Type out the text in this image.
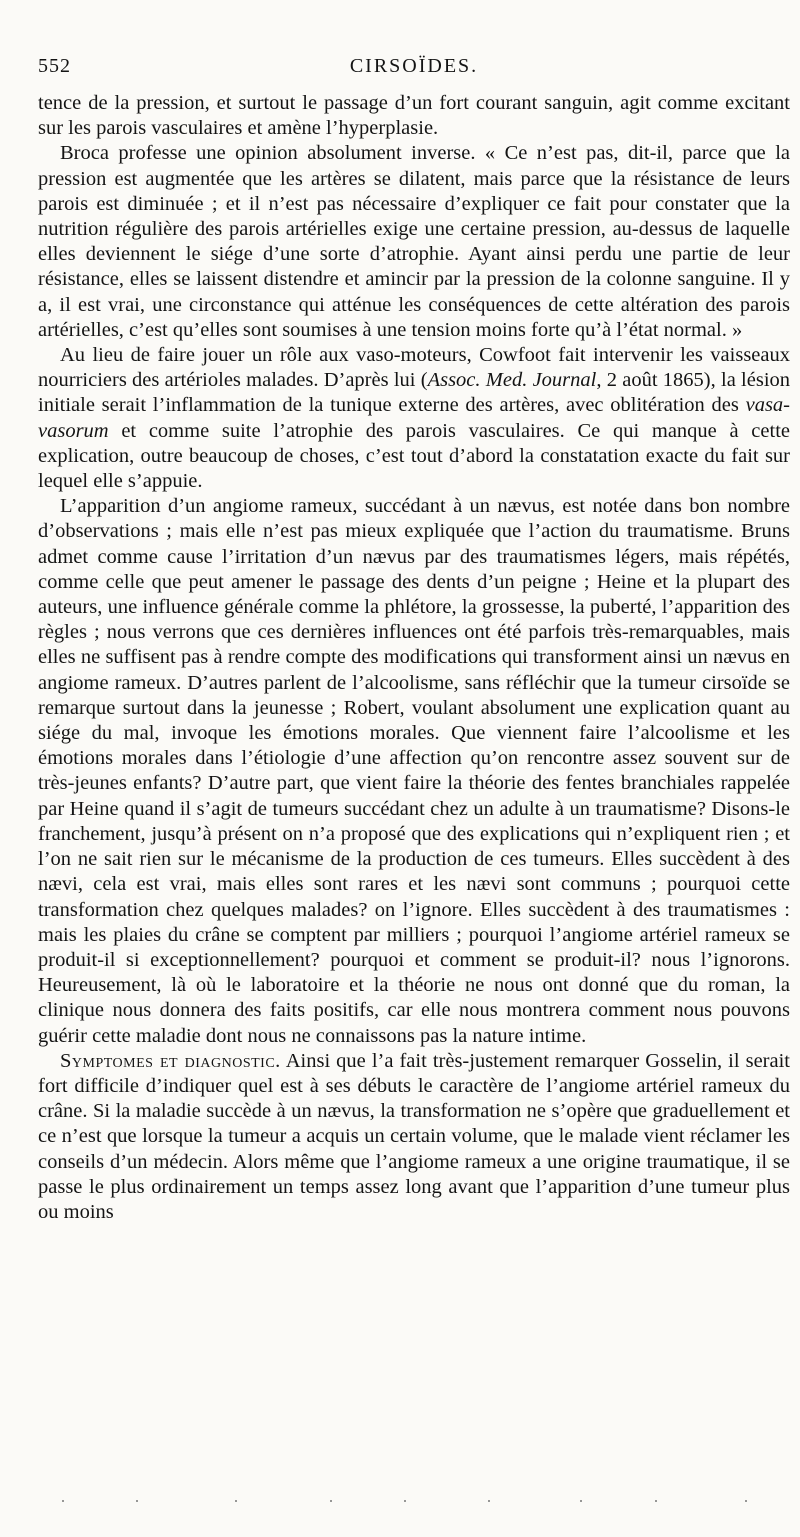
552	CIRSOÏDES.

tence de la pression, et surtout le passage d’un fort courant sanguin, agit comme excitant sur les parois vasculaires et amène l’hyperplasie.

Broca professe une opinion absolument inverse. « Ce n’est pas, dit-il, parce que la pression est augmentée que les artères se dilatent, mais parce que la résistance de leurs parois est diminuée ; et il n’est pas nécessaire d’expliquer ce fait pour constater que la nutrition régulière des parois artérielles exige une certaine pression, au-dessus de laquelle elles deviennent le siége d’une sorte d’atrophie. Ayant ainsi perdu une partie de leur résistance, elles se laissent distendre et amincir par la pression de la colonne sanguine. Il y a, il est vrai, une circonstance qui atténue les conséquences de cette altération des parois artérielles, c’est qu’elles sont soumises à une tension moins forte qu’à l’état normal. »

Au lieu de faire jouer un rôle aux vaso-moteurs, Cowfoot fait intervenir les vaisseaux nourriciers des artérioles malades. D’après lui (Assoc. Med. Journal, 2 août 1865), la lésion initiale serait l’inflammation de la tunique externe des artères, avec oblitération des vasa-vasorum et comme suite l’atrophie des parois vasculaires. Ce qui manque à cette explication, outre beaucoup de choses, c’est tout d’abord la constatation exacte du fait sur lequel elle s’appuie.

L’apparition d’un angiome rameux, succédant à un nævus, est notée dans bon nombre d’observations ; mais elle n’est pas mieux expliquée que l’action du traumatisme. Bruns admet comme cause l’irritation d’un nævus par des traumatismes légers, mais répétés, comme celle que peut amener le passage des dents d’un peigne ; Heine et la plupart des auteurs, une influence générale comme la phlétore, la grossesse, la puberté, l’apparition des règles ; nous verrons que ces dernières influences ont été parfois très-remarquables, mais elles ne suffisent pas à rendre compte des modifications qui transforment ainsi un nævus en angiome rameux. D’autres parlent de l’alcoolisme, sans réfléchir que la tumeur cirsoïde se remarque surtout dans la jeunesse ; Robert, voulant absolument une explication quant au siége du mal, invoque les émotions morales. Que viennent faire l’alcoolisme et les émotions morales dans l’étiologie d’une affection qu’on rencontre assez souvent sur de très-jeunes enfants? D’autre part, que vient faire la théorie des fentes branchiales rappelée par Heine quand il s’agit de tumeurs succédant chez un adulte à un traumatisme? Disons-le franchement, jusqu’à présent on n’a proposé que des explications qui n’expliquent rien ; et l’on ne sait rien sur le mécanisme de la production de ces tumeurs. Elles succèdent à des nævi, cela est vrai, mais elles sont rares et les nævi sont communs ; pourquoi cette transformation chez quelques malades? on l’ignore. Elles succèdent à des traumatismes : mais les plaies du crâne se comptent par milliers ; pourquoi l’angiome artériel rameux se produit-il si exceptionnellement? pourquoi et comment se produit-il? nous l’ignorons. Heureusement, là où le laboratoire et la théorie ne nous ont donné que du roman, la clinique nous donnera des faits positifs, car elle nous montrera comment nous pouvons guérir cette maladie dont nous ne connaissons pas la nature intime.

Symptomes et diagnostic. Ainsi que l’a fait très-justement remarquer Gosselin, il serait fort difficile d’indiquer quel est à ses débuts le caractère de l’angiome artériel rameux du crâne. Si la maladie succède à un nævus, la transformation ne s’opère que graduellement et ce n’est que lorsque la tumeur a acquis un certain volume, que le malade vient réclamer les conseils d’un médecin. Alors même que l’angiome rameux a une origine traumatique, il se passe le plus ordinairement un temps assez long avant que l’apparition d’une tumeur plus ou moins
